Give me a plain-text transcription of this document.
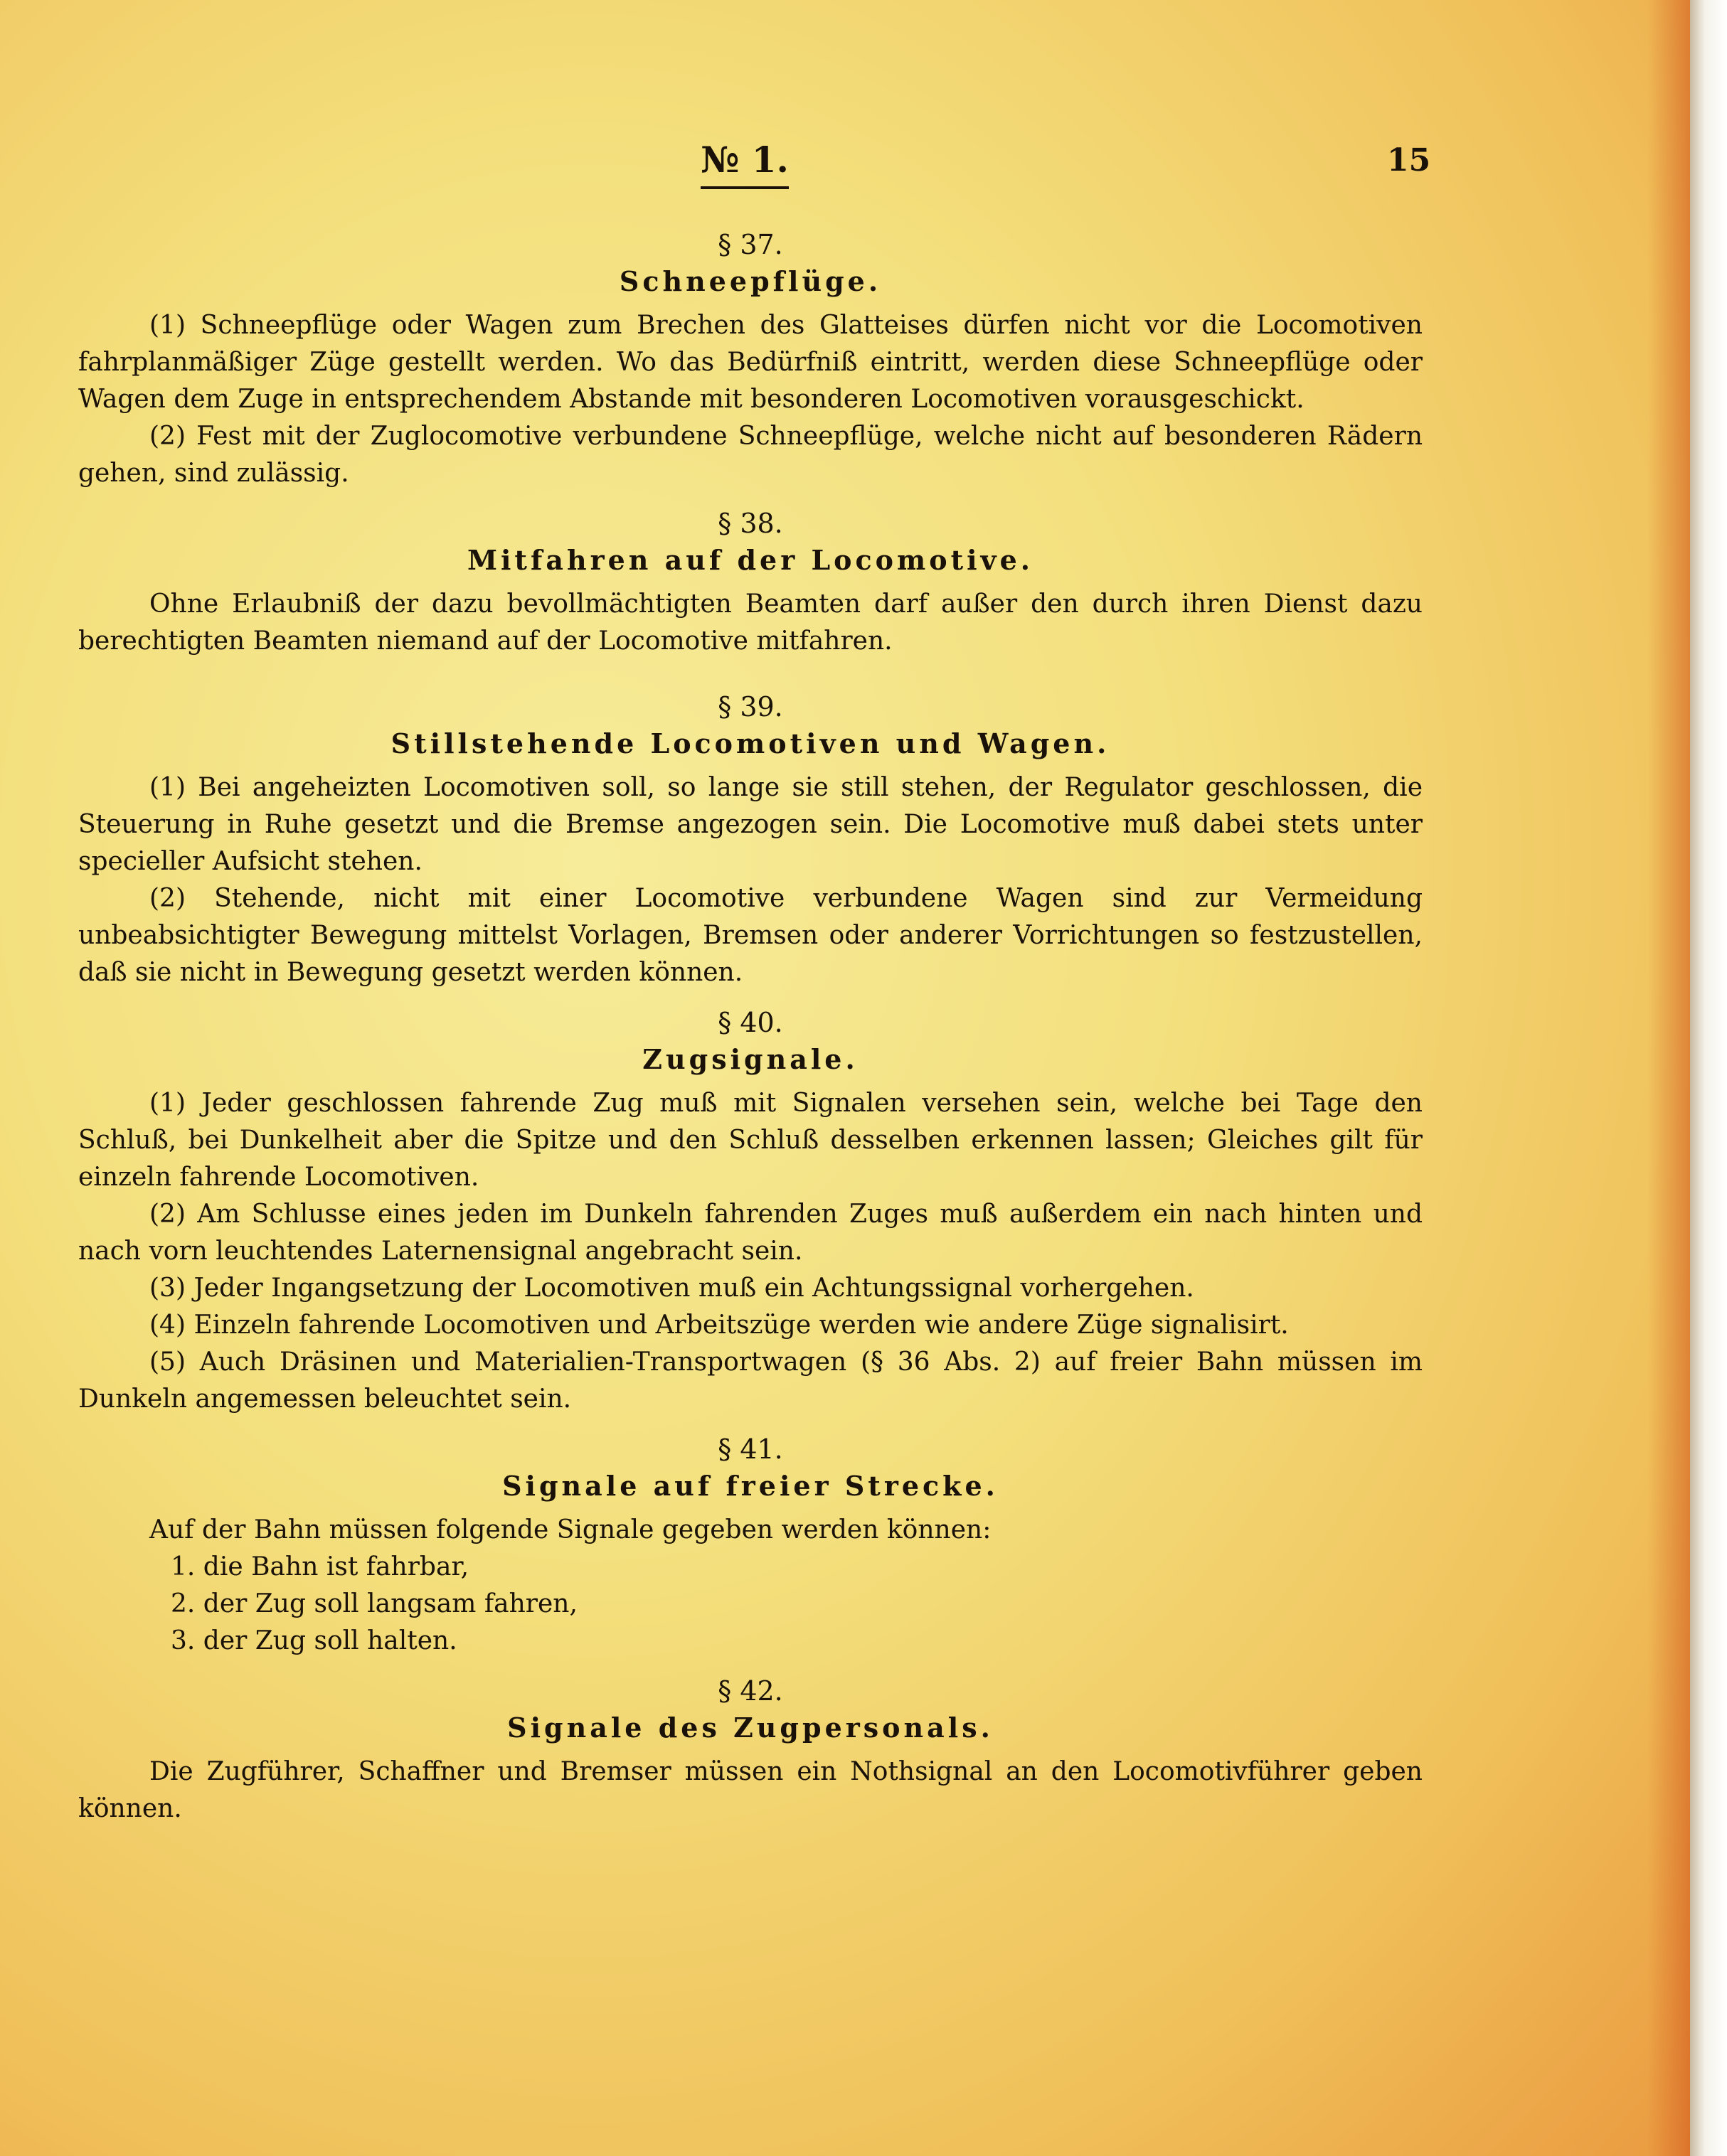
№ 1.	15
§ 37.
Schneepflüge.

(1) Schneepflüge oder Wagen zum Brechen des Glatteises dürfen nicht vor die Locomotiven fahrplanmäßiger Züge gestellt werden. Wo das Bedürfniß eintritt, werden diese Schneepflüge oder Wagen dem Zuge in entsprechendem Abstande mit besonderen Locomotiven vorausgeschickt.

(2) Fest mit der Zuglocomotive verbundene Schneepflüge, welche nicht auf besonderen Rädern gehen, sind zulässig.

§ 38.
Mitfahren auf der Locomotive.

Ohne Erlaubniß der dazu bevollmächtigten Beamten darf außer den durch ihren Dienst dazu berechtigten Beamten niemand auf der Locomotive mitfahren.

§ 39.
Stillstehende Locomotiven und Wagen.

(1) Bei angeheizten Locomotiven soll, so lange sie still stehen, der Regulator geschlossen, die Steuerung in Ruhe gesetzt und die Bremse angezogen sein. Die Locomotive muß dabei stets unter specieller Aufsicht stehen.

(2) Stehende, nicht mit einer Locomotive verbundene Wagen sind zur Vermeidung unbeabsichtigter Bewegung mittelst Vorlagen, Bremsen oder anderer Vorrichtungen so festzustellen, daß sie nicht in Bewegung gesetzt werden können.

§ 40.
Zugsignale.

(1) Jeder geschlossen fahrende Zug muß mit Signalen versehen sein, welche bei Tage den Schluß, bei Dunkelheit aber die Spitze und den Schluß desselben erkennen lassen; Gleiches gilt für einzeln fahrende Locomotiven.

(2) Am Schlusse eines jeden im Dunkeln fahrenden Zuges muß außerdem ein nach hinten und nach vorn leuchtendes Laternensignal angebracht sein.

(3) Jeder Ingangsetzung der Locomotiven muß ein Achtungssignal vorhergehen.

(4) Einzeln fahrende Locomotiven und Arbeitszüge werden wie andere Züge signalisirt.

(5) Auch Dräsinen und Materialien-Transportwagen (§ 36 Abs. 2) auf freier Bahn müssen im Dunkeln angemessen beleuchtet sein.

§ 41.
Signale auf freier Strecke.

Auf der Bahn müssen folgende Signale gegeben werden können:

1. die Bahn ist fahrbar,
2. der Zug soll langsam fahren,
3. der Zug soll halten.
§ 42.
Signale des Zugpersonals.

Die Zugführer, Schaffner und Bremser müssen ein Nothsignal an den Locomotivführer geben können.
